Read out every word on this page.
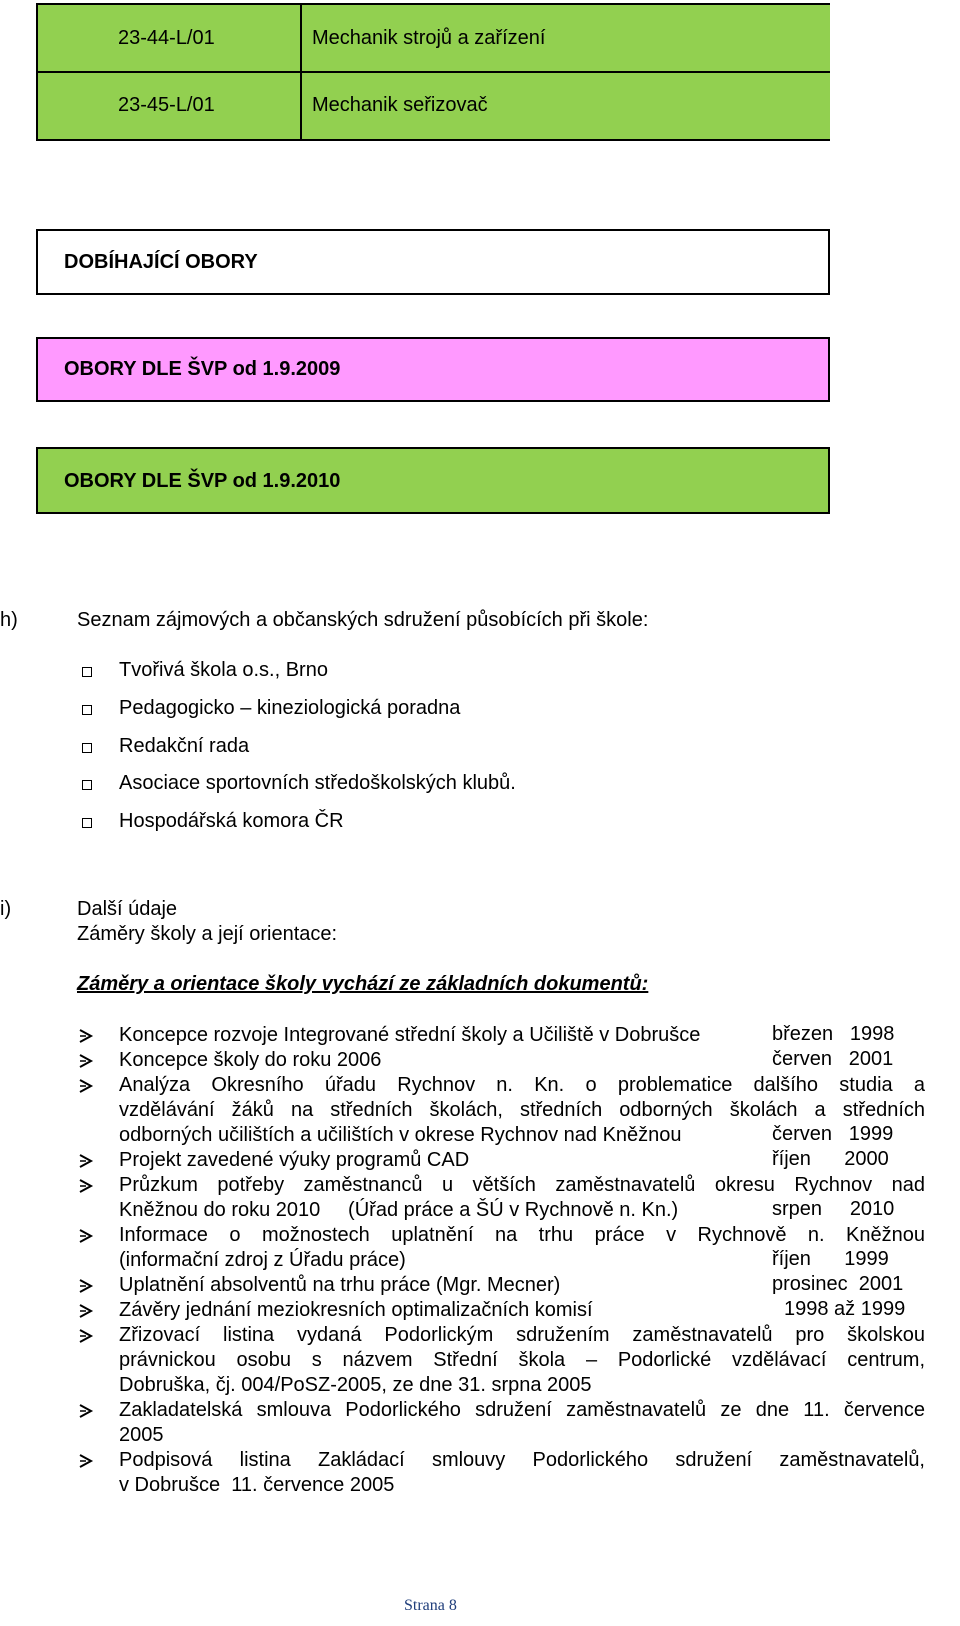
23-44-L/01	Mechanik strojů a zařízení
23-45-L/01	Mechanik seřizovač
DOBÍHAJÍCÍ OBORY
OBORY DLE ŠVP od 1.9.2009
OBORY DLE ŠVP od 1.9.2010
h)	Seznam zájmových a občanských sdružení působících při škole:
Tvořivá škola o.s., Brno
Pedagogicko – kineziologická poradna
Redakční rada
Asociace sportovních středoškolských klubů.
Hospodářská komora ČR
i)	Další údaje
Záměry školy a její orientace:
Záměry a orientace školy vychází ze základních dokumentů:
Koncepce rozvoje Integrované střední školy a Učiliště v Dobrušce	březen   1998
Koncepce školy do roku 2006	červen   2001
Analýza Okresního úřadu Rychnov n. Kn. o problematice dalšího studia a
vzdělávání žáků na středních školách, středních odborných školách a středních
odborných učilištích a učilištích v okrese Rychnov nad Kněžnou	červen   1999
Projekt zavedené výuky programů CAD	říjen      2000
Průzkum potřeby zaměstnanců u větších zaměstnavatelů okresu Rychnov nad
Kněžnou do roku 2010     (Úřad práce a ŠÚ v Rychnově n. Kn.)	srpen     2010
Informace o možnostech uplatnění na trhu práce v Rychnově n. Kněžnou
(informační zdroj z Úřadu práce)	říjen      1999
Uplatnění absolventů na trhu práce (Mgr. Mecner)	prosinec  2001
Závěry jednání meziokresních optimalizačních komisí	1998 až 1999
Zřizovací listina vydaná Podorlickým sdružením zaměstnavatelů pro školskou
právnickou osobu s názvem Střední škola – Podorlické vzdělávací centrum,
Dobruška, čj. 004/PoSZ-2005, ze dne 31. srpna 2005
Zakladatelská smlouva Podorlického sdružení zaměstnavatelů ze dne 11. července
2005
Podpisová listina Zakládací smlouvy Podorlického sdružení zaměstnavatelů,
v Dobrušce  11. července 2005
Strana 8
